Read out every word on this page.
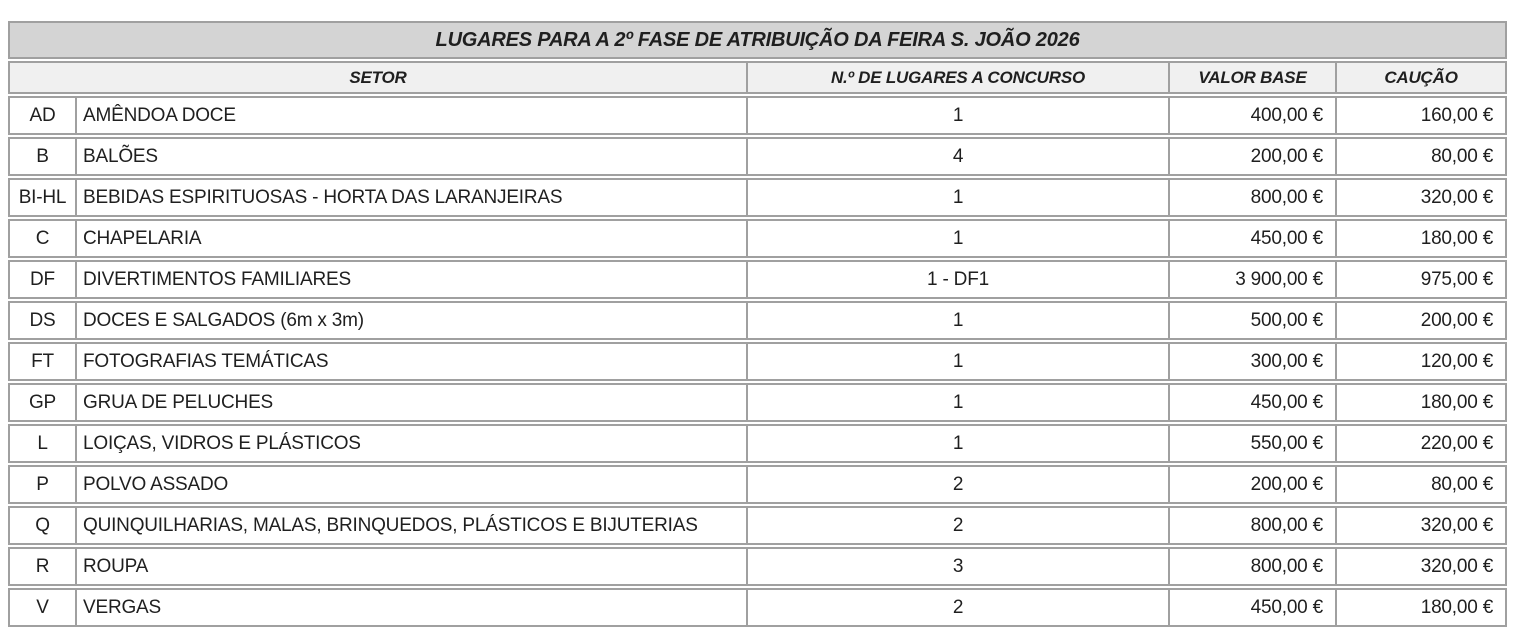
LUGARES PARA A 2º FASE DE ATRIBUIÇÃO DA FEIRA S. JOÃO 2026				
SETOR		N.º DE LUGARES A CONCURSO	VALOR BASE	CAUÇÃO
AD	AMÊNDOA DOCE	1	400,00 €	160,00 €
B	BALÕES	4	200,00 €	80,00 €
BI-HL	BEBIDAS ESPIRITUOSAS - HORTA DAS LARANJEIRAS	1	800,00 €	320,00 €
C	CHAPELARIA	1	450,00 €	180,00 €
DF	DIVERTIMENTOS FAMILIARES	1 - DF1	3 900,00 €	975,00 €
DS	DOCES E SALGADOS (6m x 3m)	1	500,00 €	200,00 €
FT	FOTOGRAFIAS TEMÁTICAS	1	300,00 €	120,00 €
GP	GRUA DE PELUCHES	1	450,00 €	180,00 €
L	LOIÇAS, VIDROS E PLÁSTICOS	1	550,00 €	220,00 €
P	POLVO ASSADO	2	200,00 €	80,00 €
Q	QUINQUILHARIAS, MALAS, BRINQUEDOS, PLÁSTICOS E BIJUTERIAS	2	800,00 €	320,00 €
R	ROUPA	3	800,00 €	320,00 €
V	VERGAS	2	450,00 €	180,00 €
